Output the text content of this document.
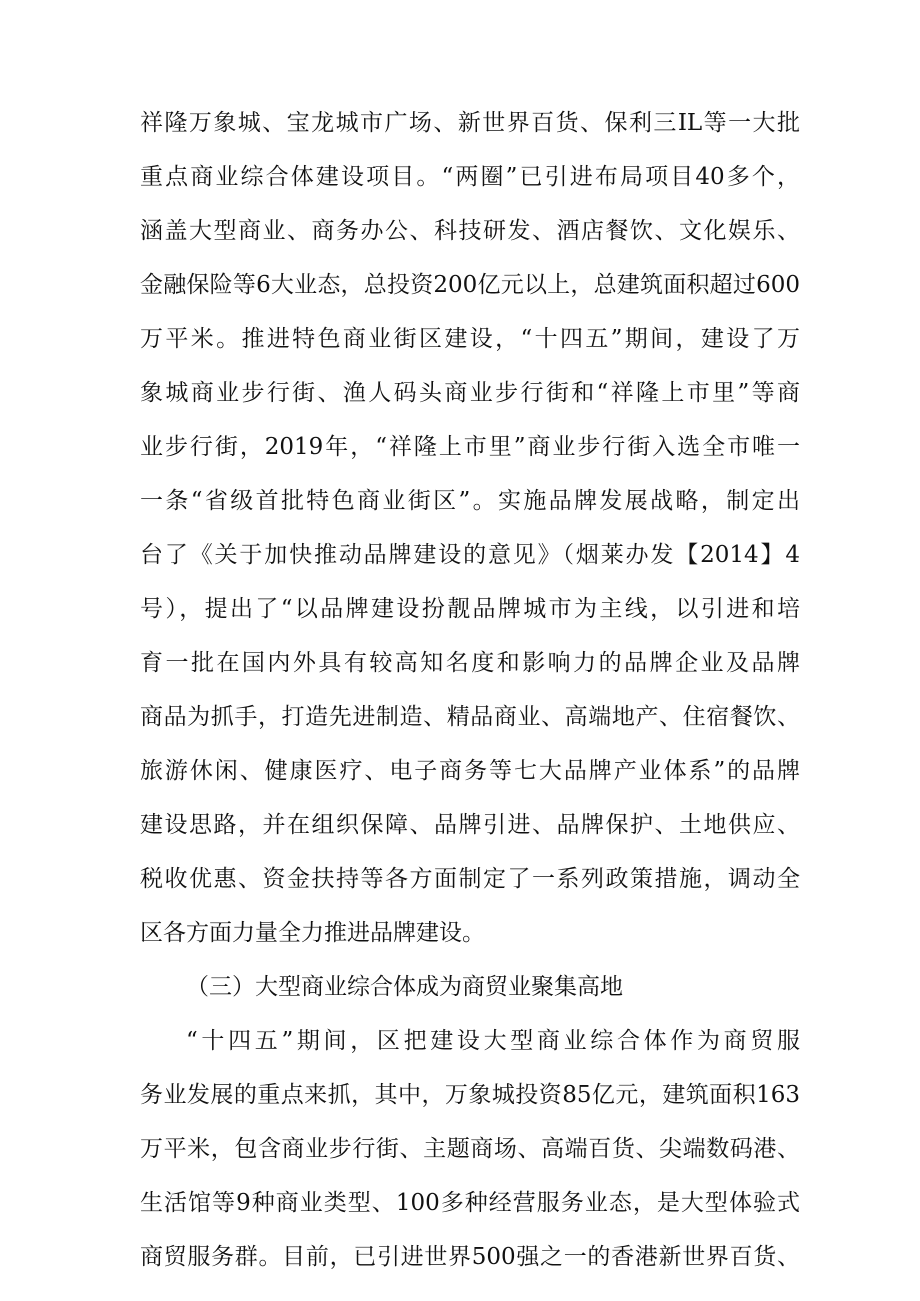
祥隆万象城、宝龙城市广场、新世界百货、保利三IL等一大批
重点商业综合体建设项目。“两圈”已引进布局项目40多个，
涵盖大型商业、商务办公、科技研发、酒店餐饮、文化娱乐、
金融保险等6大业态，总投资200亿元以上，总建筑面积超过600
万平米。推进特色商业街区建设，“十四五”期间，建设了万
象城商业步行街、渔人码头商业步行街和“祥隆上市里”等商
业步行街，2019年，“祥隆上市里”商业步行街入选全市唯一
一条“省级首批特色商业街区”。实施品牌发展战略，制定出
台了《关于加快推动品牌建设的意见》（烟莱办发【2014】4
号），提出了“以品牌建设扮靓品牌城市为主线，以引进和培
育一批在国内外具有较高知名度和影响力的品牌企业及品牌
商品为抓手，打造先进制造、精品商业、高端地产、住宿餐饮、
旅游休闲、健康医疗、电子商务等七大品牌产业体系”的品牌
建设思路，并在组织保障、品牌引进、品牌保护、土地供应、
税收优惠、资金扶持等各方面制定了一系列政策措施，调动全
区各方面力量全力推进品牌建设。
（三）大型商业综合体成为商贸业聚集高地
“十四五”期间，区把建设大型商业综合体作为商贸服
务业发展的重点来抓，其中，万象城投资85亿元，建筑面积163
万平米，包含商业步行街、主题商场、高端百货、尖端数码港、
生活馆等9种商业类型、100多种经营服务业态，是大型体验式
商贸服务群。目前，已引进世界500强之一的香港新世界百货、
